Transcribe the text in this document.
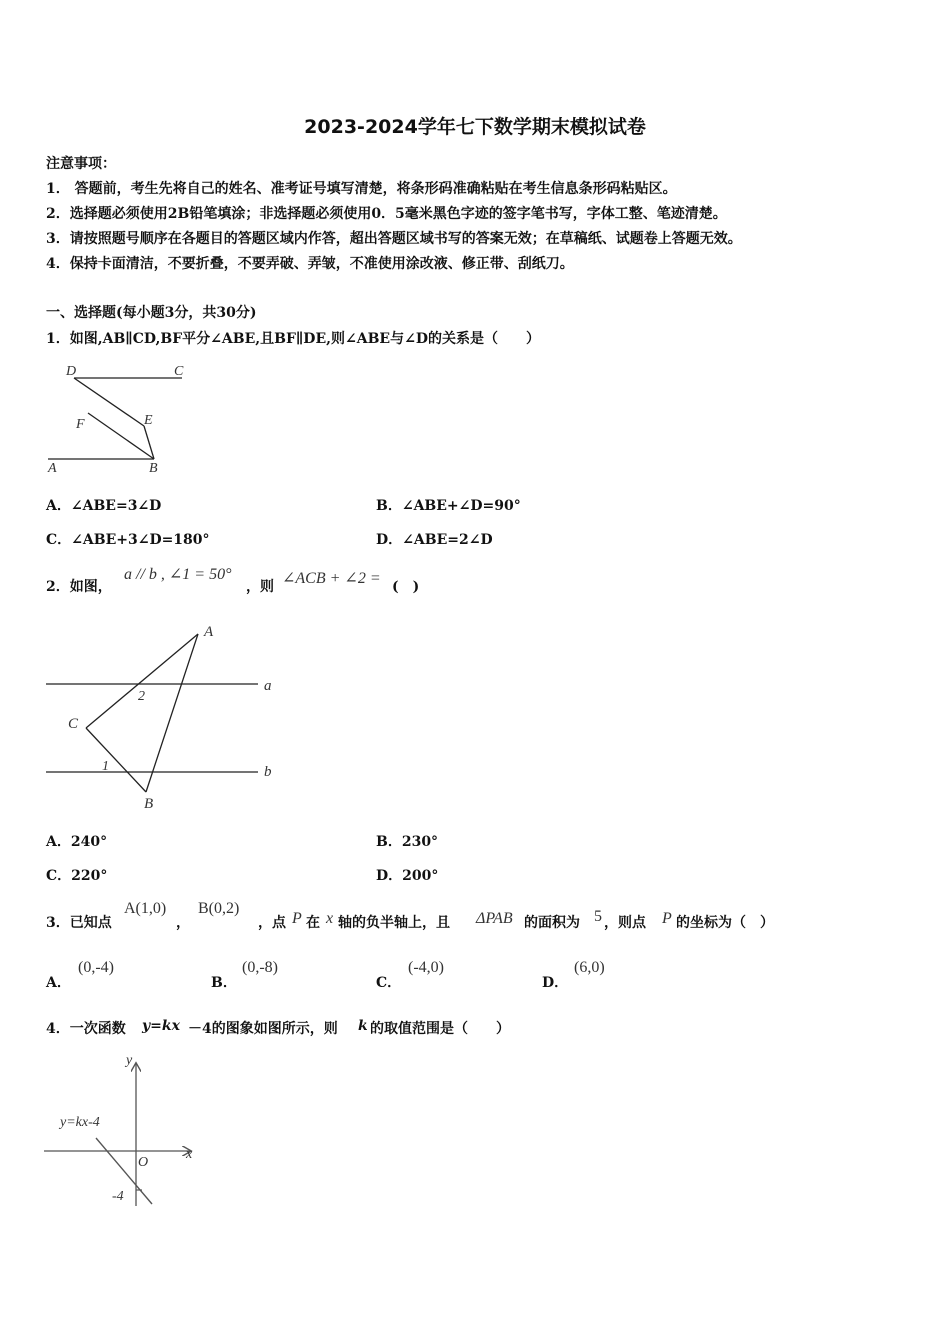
2023-2024学年七下数学期末模拟试卷
注意事项：
1． 答题前，考生先将自己的姓名、准考证号填写清楚，将条形码准确粘贴在考生信息条形码粘贴区。
2．选择题必须使用2B铅笔填涂；非选择题必须使用0．5毫米黑色字迹的签字笔书写，字体工整、笔迹清楚。
3．请按照题号顺序在各题目的答题区域内作答，超出答题区域书写的答案无效；在草稿纸、试题卷上答题无效。
4．保持卡面清洁，不要折叠，不要弄破、弄皱，不准使用涂改液、修正带、刮纸刀。
一、选择题(每小题3分，共30分)
1．如图,AB∥CD,BF平分∠ABE,且BF∥DE,则∠ABE与∠D的关系是（　　）
D	C
E
F
A	B
A．∠ABE=3∠D	B．∠ABE+∠D=90°
C．∠ABE+3∠D=180°	D．∠ABE=2∠D
2．如图，
a // b , ∠1 = 50°
，则 ∠ACB + ∠2 = (　)
A
a
2
C
1	b
B
A．240°	B．230°
C．220°	D．200°
3．已知点
A(1,0)
，
B(0,2)
，点 P 在 x 轴的负半轴上，且 ΔPAB 的面积为 5 ，则点 P 的坐标为（　）
A．
(0,-4)
B．
(0,-8)
C．
(-4,0)
D．
(6,0)
4．一次函数 y=kx －4的图象如图所示，则 k 的取值范围是（　　）
y
x
O
y=kx-4
-4
